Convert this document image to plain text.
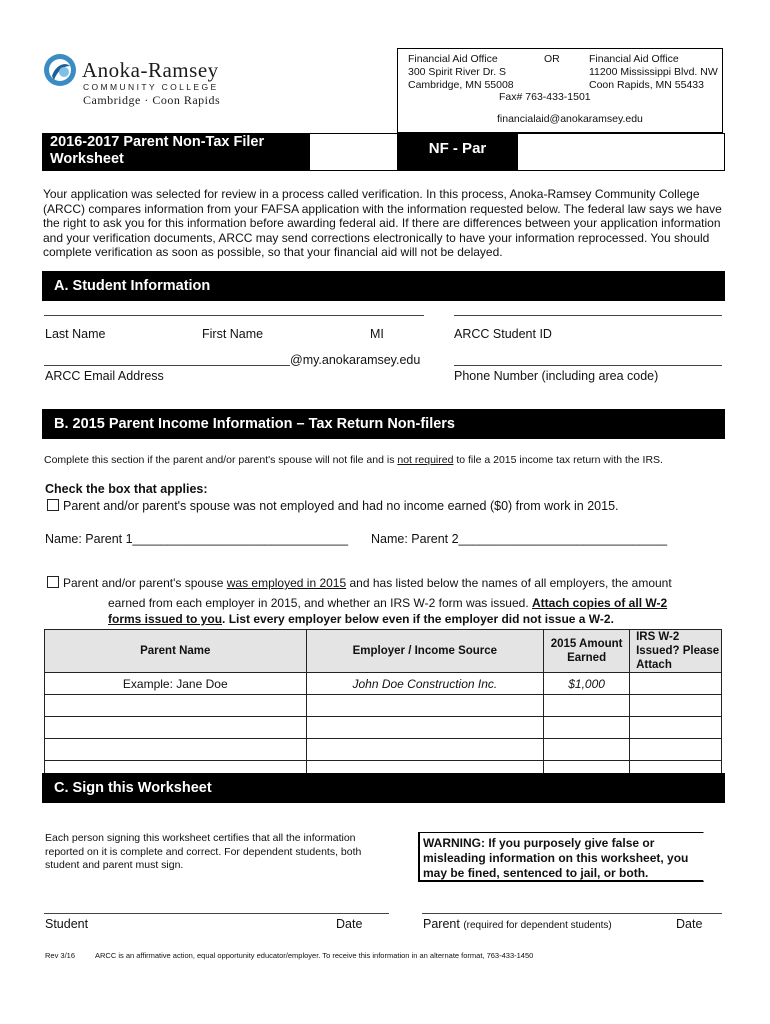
Anoka-Ramsey
COMMUNITY COLLEGE
Cambridge · Coon Rapids
Financial Aid Office
300 Spirit River Dr. S
Cambridge, MN 55008
OR	Financial Aid Office
11200 Mississippi Blvd. NW
Coon Rapids, MN 55433
Fax# 763-433-1501
financialaid@anokaramsey.edu
2016-2017 Parent Non-Tax Filer
Worksheet
NF - Par
Your application was selected for review in a process called verification. In this process, Anoka-Ramsey Community College (ARCC) compares information from your FAFSA application with the information requested below. The federal law says we have the right to ask you for this information before awarding federal aid. If there are differences between your application information and your verification documents, ARCC may send corrections electronically to have your information reprocessed. You should complete verification as soon as possible, so that your financial aid will not be delayed.
A. Student Information
Last Name	First Name	MI	ARCC Student ID
@my.anokaramsey.edu
ARCC Email Address	Phone Number (including area code)
B. 2015 Parent Income Information – Tax Return Non-filers
Complete this section if the parent and/or parent's spouse will not file and is not required to file a 2015 income tax return with the IRS.
Check the box that applies:
Parent and/or parent's spouse was not employed and had no income earned ($0) from work in 2015.
Name: Parent 1_______________________________ Name: Parent 2______________________________
Parent and/or parent's spouse was employed in 2015 and has listed below the names of all employers, the amount
earned from each employer in 2015, and whether an IRS W-2 form was issued. Attach copies of all W-2
forms issued to you. List every employer below even if the employer did not issue a W-2.
Parent Name	Employer / Income Source	2015 Amount Earned	IRS W-2 Issued? Please Attach
Example: Jane Doe	John Doe Construction Inc.	$1,000	

C. Sign this Worksheet
Each person signing this worksheet certifies that all the information reported on it is complete and correct. For dependent students, both student and parent must sign.
WARNING: If you purposely give false or misleading information on this worksheet, you may be fined, sentenced to jail, or both.
Student	Date	Parent (required for dependent students)	Date
Rev 3/16	ARCC is an affirmative action, equal opportunity educator/employer. To receive this information in an alternate format, 763-433-1450
